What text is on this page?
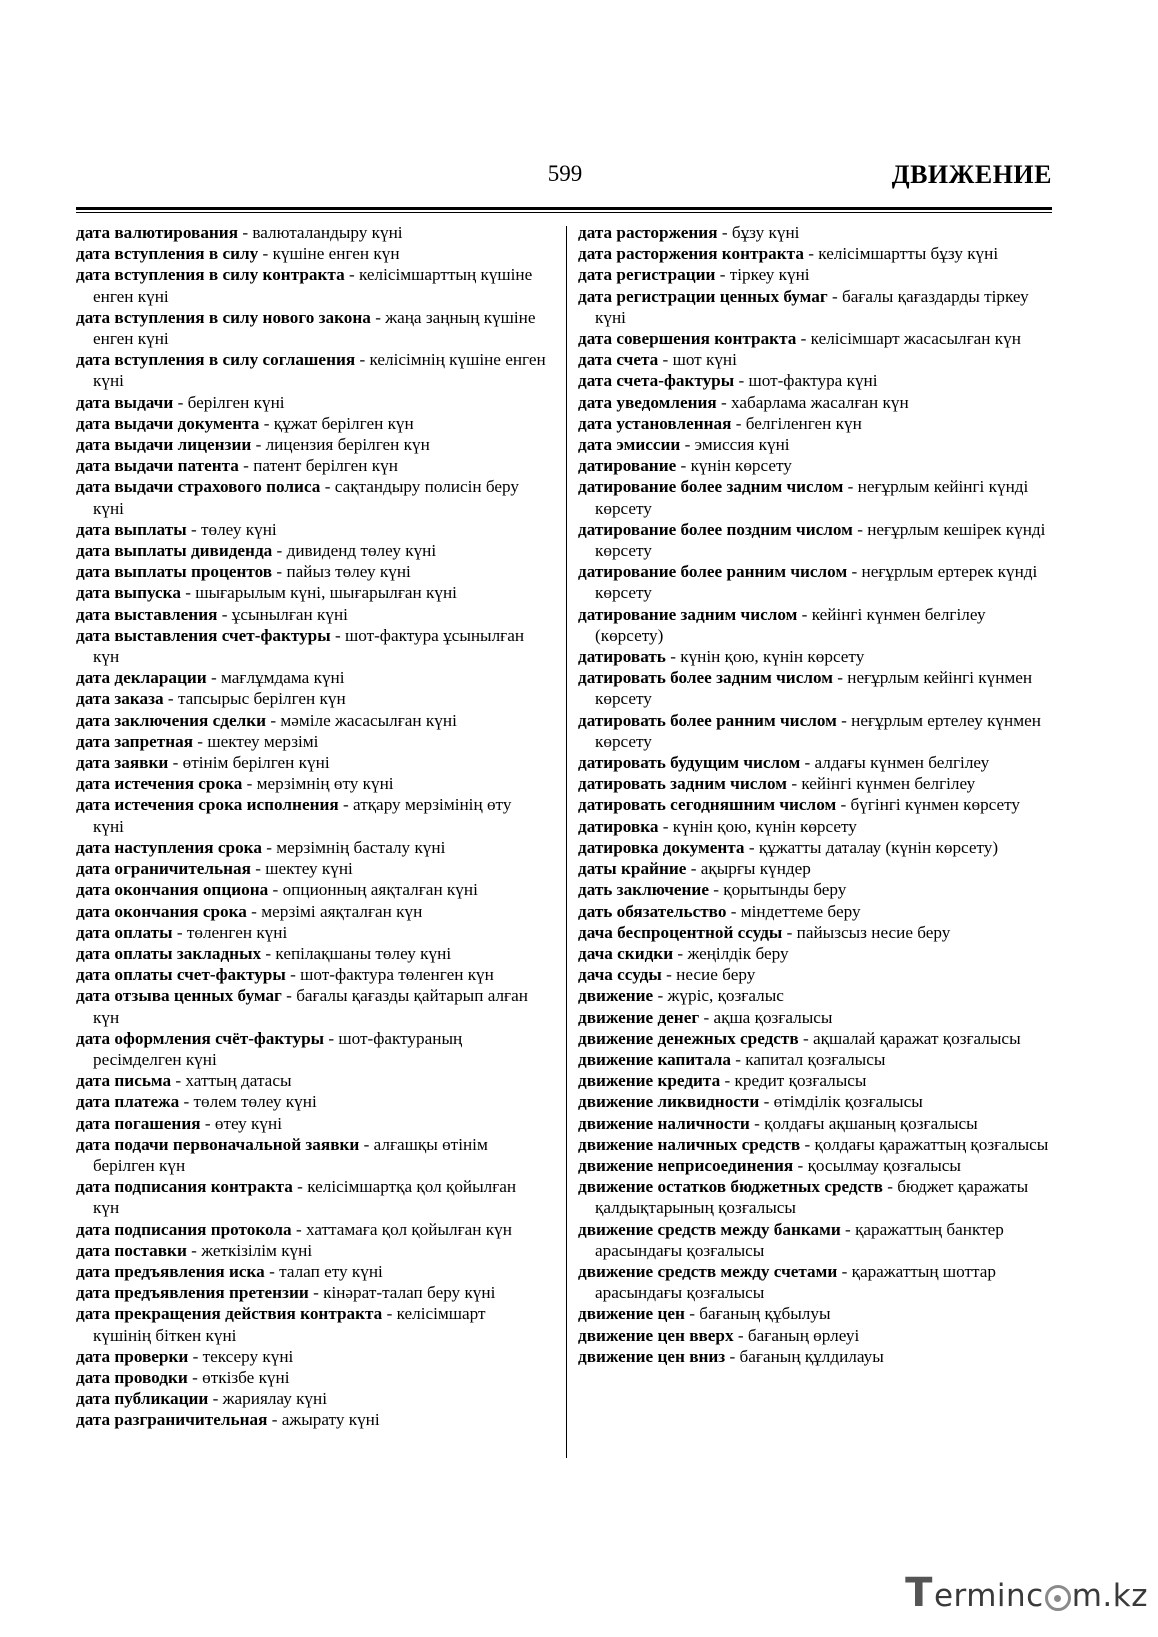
599	ДВИЖЕНИЕ

дата валютирования - валюталандыру күні

дата вступления в силу - күшіне енген күн

дата вступления в силу контракта - келісімшарттың күшіне енген күні

дата вступления в силу нового закона - жаңа заңның күшіне енген күні

дата вступления в силу соглашения - келісімнің күшіне енген күні

дата выдачи - берілген күні

дата выдачи документа - құжат берілген күн

дата выдачи лицензии - лицензия берілген күн

дата выдачи патента - патент берілген күн

дата выдачи страхового полиса - сақтандыру полисін беру күні

дата выплаты - төлеу күні

дата выплаты дивиденда - дивиденд төлеу күні

дата выплаты процентов - пайыз төлеу күні

дата выпуска - шығарылым күні, шығарылған күні

дата выставления - ұсынылған күні

дата выставления счет-фактуры - шот-фактура ұсынылған күн

дата декларации - мағлұмдама күні

дата заказа - тапсырыс берілген күн

дата заключения сделки - мәміле жасасылған күні

дата запретная - шектеу мерзімі

дата заявки - өтінім берілген күні

дата истечения срока - мерзімнің өту күні

дата истечения срока исполнения - атқару мерзімінің өту күні

дата наступления срока - мерзімнің басталу күні

дата ограничительная - шектеу күні

дата окончания опциона - опционның аяқталған күні

дата окончания срока - мерзімі аяқталған күн

дата оплаты - төленген күні

дата оплаты закладных - кепілақшаны төлеу күні

дата оплаты счет-фактуры - шот-фактура төленген күн

дата отзыва ценных бумаг - бағалы қағазды қайтарып алған күн

дата оформления счёт-фактуры - шот-фактураның ресімделген күні

дата письма - хаттың датасы

дата платежа - төлем төлеу күні

дата погашения - өтеу күні

дата подачи первоначальной заявки - алғашқы өтінім берілген күн

дата подписания контракта - келісімшартқа қол қойылған күн

дата подписания протокола - хаттамаға қол қойылған күн

дата поставки - жеткізілім күні

дата предъявления иска - талап ету күні

дата предъявления претензии - кінәрат-талап беру күні

дата прекращения действия контракта - келісімшарт күшінің біткен күні

дата проверки - тексеру күні

дата проводки - өткізбе күні

дата публикации - жариялау күні

дата разграничительная - ажырату күні

дата расторжения - бұзу күні

дата расторжения контракта - келісімшартты бұзу күні

дата регистрации - тіркеу күні

дата регистрации ценных бумаг - бағалы қағаздарды тіркеу күні

дата совершения контракта - келісімшарт жасасылған күн

дата счета - шот күні

дата счета-фактуры - шот-фактура күні

дата уведомления - хабарлама жасалған күн

дата установленная - белгіленген күн

дата эмиссии - эмиссия күні

датирование - күнін көрсету

датирование более задним числом - неғұрлым кейінгі күнді көрсету

датирование более поздним числом - неғұрлым кешірек күнді көрсету

датирование более ранним числом - неғұрлым ертерек күнді көрсету

датирование задним числом - кейінгі күнмен белгілеу (көрсету)

датировать - күнін қою, күнін көрсету

датировать более задним числом - неғұрлым кейінгі күнмен көрсету

датировать более ранним числом - неғұрлым ертелеу күнмен көрсету

датировать будущим числом - алдағы күнмен белгілеу

датировать задним числом - кейінгі күнмен белгілеу

датировать сегодняшним числом - бүгінгі күнмен көрсету

датировка - күнін қою, күнін көрсету

датировка документа - құжатты даталау (күнін көрсету)

даты крайние - ақырғы күндер

дать заключение - қорытынды беру

дать обязательство - міндеттеме беру

дача беспроцентной ссуды - пайызсыз несие беру

дача скидки - жеңілдік беру

дача ссуды - несие беру

движение - жүріс, қозғалыс

движение денег - ақша қозғалысы

движение денежных средств - ақшалай қаражат қозғалысы

движение капитала - капитал қозғалысы

движение кредита - кредит қозғалысы

движение ликвидности - өтімділік қозғалысы

движение наличности - қолдағы ақшаның қозғалысы

движение наличных средств - қолдағы қаражаттың қозғалысы

движение неприсоединения - қосылмау қозғалысы

движение остатков бюджетных средств - бюджет қаражаты қалдықтарының қозғалысы

движение средств между банками - қаражаттың банктер арасындағы қозғалысы

движение средств между счетами - қаражаттың шоттар арасындағы қозғалысы

движение цен - бағаның құбылуы

движение цен вверх - бағаның өрлеуі

движение цен вниз - бағаның құлдилауы

T erminc m.kz
